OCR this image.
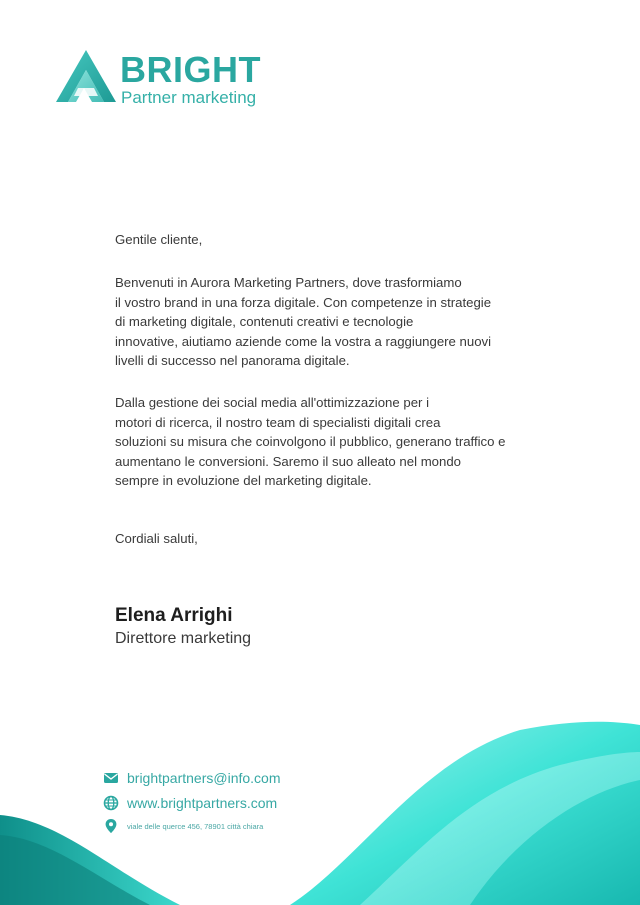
BRIGHT
Partner marketing
Gentile cliente,
Benvenuti in Aurora Marketing Partners, dove trasformiamo
il vostro brand in una forza digitale. Con competenze in strategie
di marketing digitale, contenuti creativi e tecnologie
innovative, aiutiamo aziende come la vostra a raggiungere nuovi
livelli di successo nel panorama digitale.
Dalla gestione dei social media all'ottimizzazione per i
motori di ricerca, il nostro team di specialisti digitali crea
soluzioni su misura che coinvolgono il pubblico, generano traffico e
aumentano le conversioni. Saremo il suo alleato nel mondo
sempre in evoluzione del marketing digitale.
Cordiali saluti,
Elena Arrighi
Direttore marketing
brightpartners@info.com
www.brightpartners.com
viale delle querce 456, 78901 città chiara
